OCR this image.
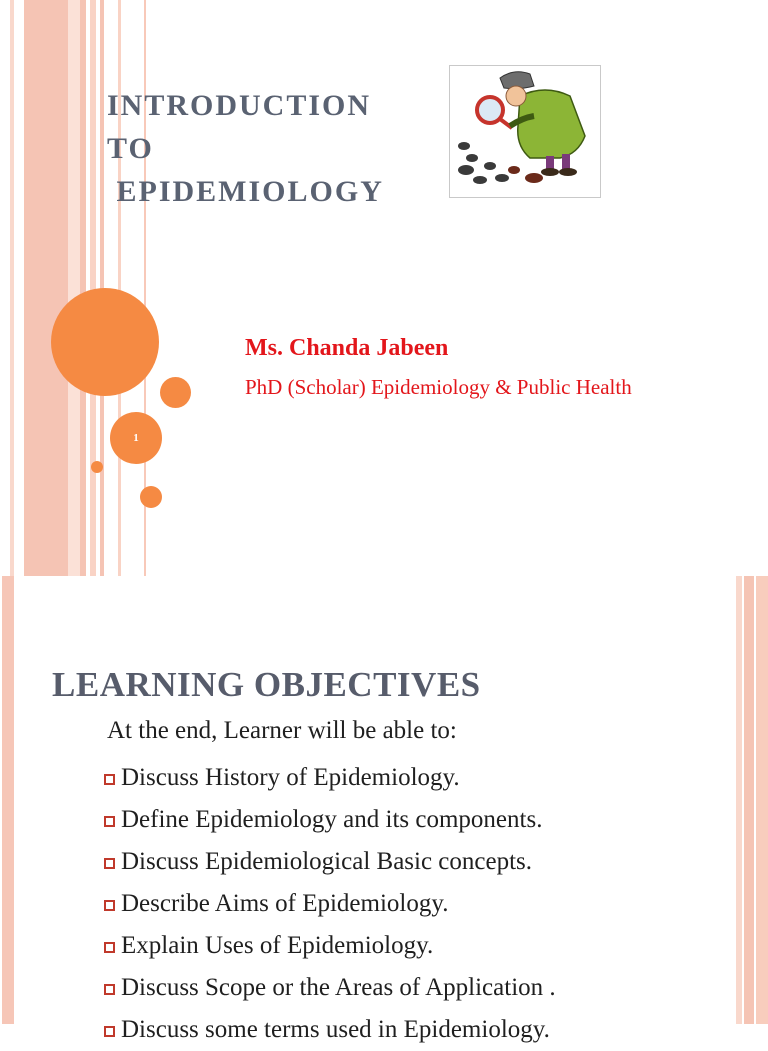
INTRODUCTION
TO
EPIDEMIOLOGY
1
Ms. Chanda Jabeen
PhD (Scholar) Epidemiology & Public Health
LEARNING OBJECTIVES
At the end, Learner will be able to:
Discuss History of Epidemiology.
Define Epidemiology and its components.
Discuss Epidemiological Basic concepts.
Describe Aims of Epidemiology.
Explain Uses of Epidemiology.
Discuss Scope or the Areas of Application .
Discuss some terms used in Epidemiology.
